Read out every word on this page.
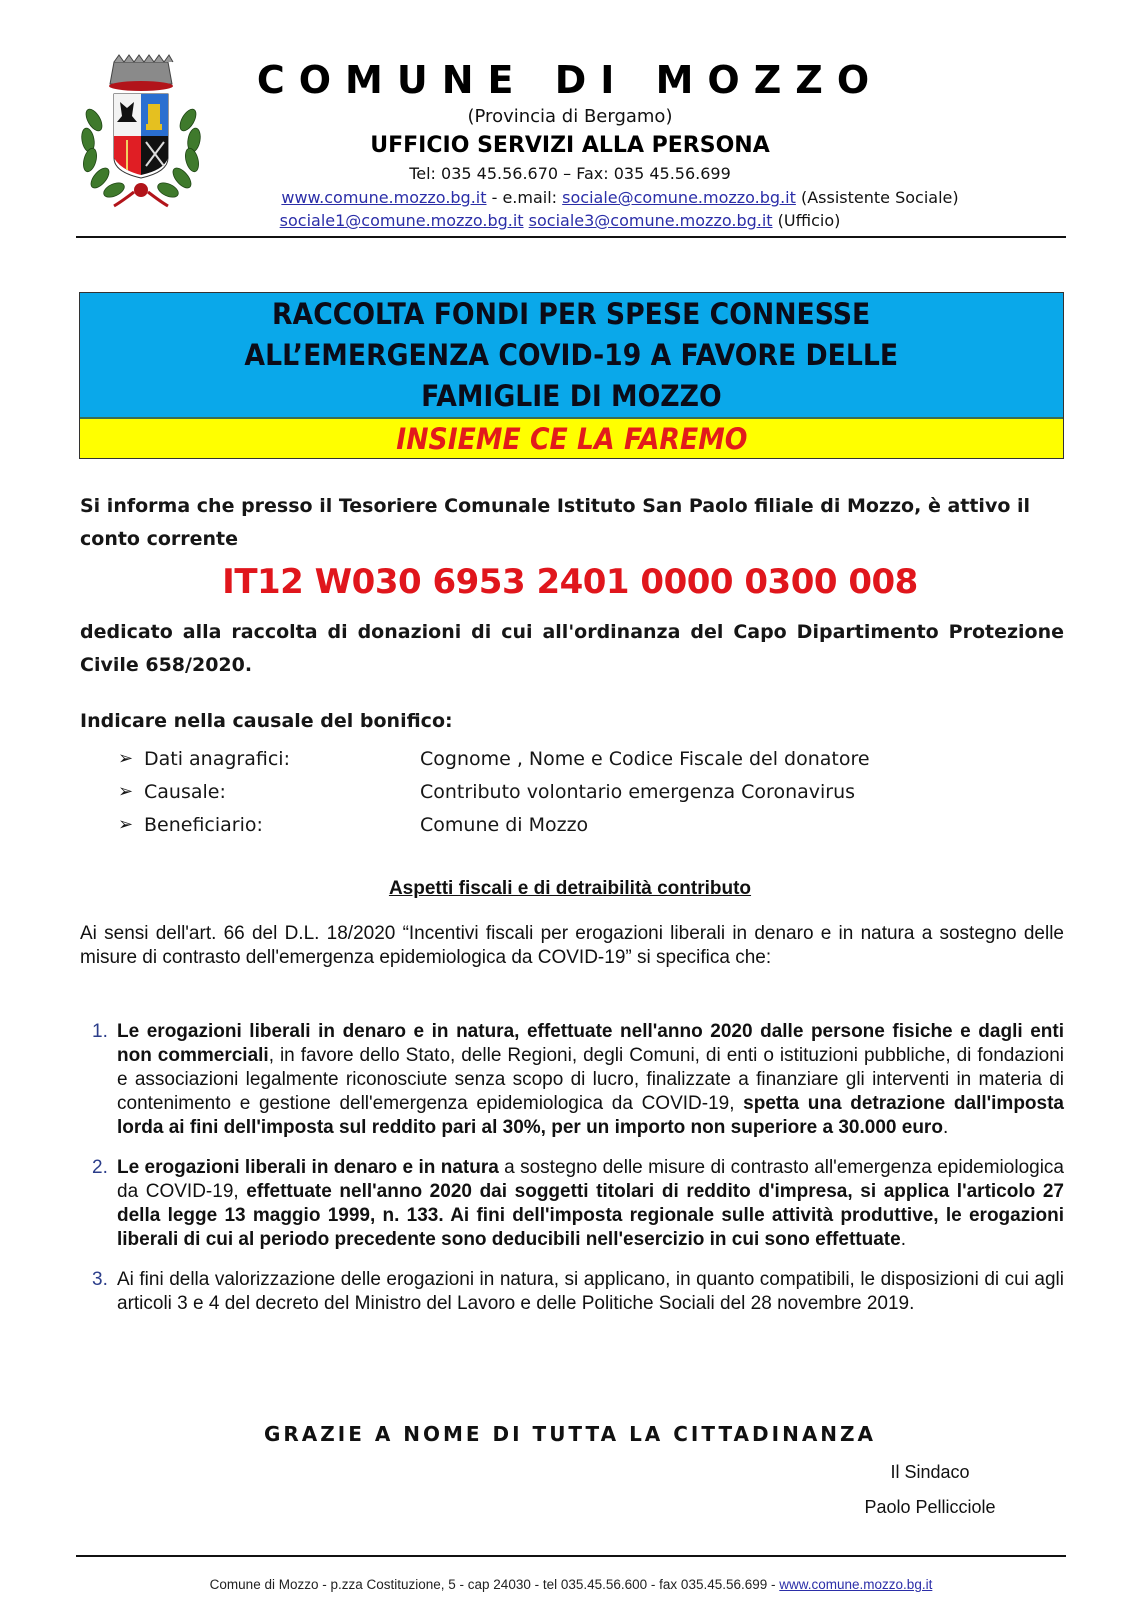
COMUNE DI MOZZO
(Provincia di Bergamo)
UFFICIO SERVIZI ALLA PERSONA
Tel: 035 45.56.670 – Fax: 035 45.56.699
www.comune.mozzo.bg.it - e.mail: sociale@comune.mozzo.bg.it (Assistente Sociale)
sociale1@comune.mozzo.bg.it sociale3@comune.mozzo.bg.it (Ufficio)
RACCOLTA FONDI PER SPESE CONNESSE
ALL’EMERGENZA COVID-19 A FAVORE DELLE
FAMIGLIE DI MOZZO
INSIEME CE LA FAREMO
Si informa che presso il Tesoriere Comunale Istituto San Paolo filiale di Mozzo, è attivo il conto corrente
IT12 W030 6953 2401 0000 0300 008
dedicato alla raccolta di donazioni di cui all'ordinanza del Capo Dipartimento Protezione Civile 658/2020.
Indicare nella causale del bonifico:
➢ Dati anagrafici:	Cognome , Nome e Codice Fiscale del donatore
➢ Causale:	Contributo volontario emergenza Coronavirus
➢ Beneficiario:	Comune di Mozzo
Aspetti fiscali e di detraibilità contributo
Ai sensi dell'art. 66 del D.L. 18/2020 “Incentivi fiscali per erogazioni liberali in denaro e in natura a sostegno delle misure di contrasto dell'emergenza epidemiologica da COVID-19” si specifica che:
1. Le erogazioni liberali in denaro e in natura, effettuate nell'anno 2020 dalle persone fisiche e dagli enti non commerciali, in favore dello Stato, delle Regioni, degli Comuni, di enti o istituzioni pubbliche, di fondazioni e associazioni legalmente riconosciute senza scopo di lucro, finalizzate a finanziare gli interventi in materia di contenimento e gestione dell'emergenza epidemiologica da COVID-19, spetta una detrazione dall'imposta lorda ai fini dell'imposta sul reddito pari al 30%, per un importo non superiore a 30.000 euro.
2. Le erogazioni liberali in denaro e in natura a sostegno delle misure di contrasto all'emergenza epidemiologica da COVID-19, effettuate nell'anno 2020 dai soggetti titolari di reddito d'impresa, si applica l'articolo 27 della legge 13 maggio 1999, n. 133. Ai fini dell'imposta regionale sulle attività produttive, le erogazioni liberali di cui al periodo precedente sono deducibili nell'esercizio in cui sono effettuate.
3. Ai fini della valorizzazione delle erogazioni in natura, si applicano, in quanto compatibili, le disposizioni di cui agli articoli 3 e 4 del decreto del Ministro del Lavoro e delle Politiche Sociali del 28 novembre 2019.
GRAZIE A NOME DI TUTTA LA CITTADINANZA
Il Sindaco
Paolo Pellicciole
Comune di Mozzo - p.zza Costituzione, 5 - cap 24030 - tel 035.45.56.600 - fax 035.45.56.699 - www.comune.mozzo.bg.it
